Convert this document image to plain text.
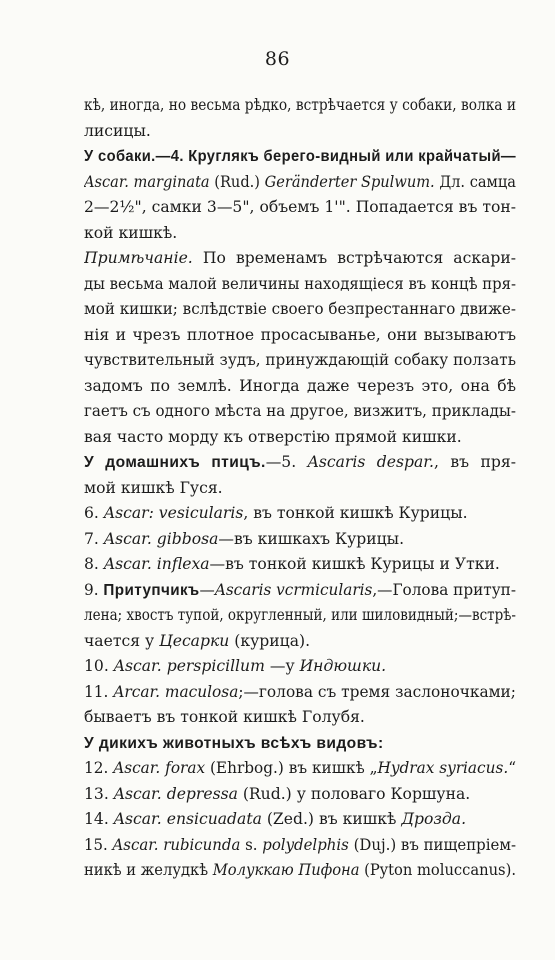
86
кѣ, иногда, но весьма рѣдко, встрѣчается у собаки, волка и
лисицы.
У собаки.—4. Круглякъ берего-видный или крайчатый—
Ascar. marginata (Rud.) Geränderter Spulwum. Дл. самца
2—2½", самки 3—5", объемъ 1'". Попадается въ тон-
кой кишкѣ.
Примѣчаніе. По временамъ встрѣчаются аскари-
ды весьма малой величины находящіеся въ концѣ пря-
мой кишки; вслѣдствіе своего безпрестаннаго движе-
нія и чрезъ плотное просасыванье, они вызываютъ
чувствительный зудъ, принуждающій собаку ползать
задомъ по землѣ. Иногда даже черезъ это, она бѣ
гаетъ съ одного мѣста на другое, визжитъ, приклады-
вая часто морду къ отверстію прямой кишки.
У домашнихъ птицъ.—5. Ascaris despar., въ пря-
мой кишкѣ Гуся.
6. Ascar: vesicularis, въ тонкой кишкѣ Курицы.
7. Ascar. gibbosa—въ кишкахъ Курицы.
8. Ascar. inflexa—въ тонкой кишкѣ Курицы и Утки.
9. Притупчикъ—Ascaris vcrmicularis,—Голова притуп-
лена; хвостъ тупой, округленный, или шиловидный;—встрѣ-
чается у Цесарки (курица).
10. Ascar. perspicillum —у Индюшки.
11. Arcar. maculosa;—голова съ тремя заслоночками;
бываетъ въ тонкой кишкѣ Голубя.
У дикихъ животныхъ всѣхъ видовъ:
12. Ascar. forax (Ehrbog.) въ кишкѣ „Hydrax syriacus.“
13. Ascar. depressa (Rud.) у половаго Коршуна.
14. Ascar. ensicuadata (Zed.) въ кишкѣ Дрозда.
15. Ascar. rubicunda s. polydelphis (Duj.) въ пищепріем-
никѣ и желудкѣ Молуккаю Пифона (Pyton moluccanus).
